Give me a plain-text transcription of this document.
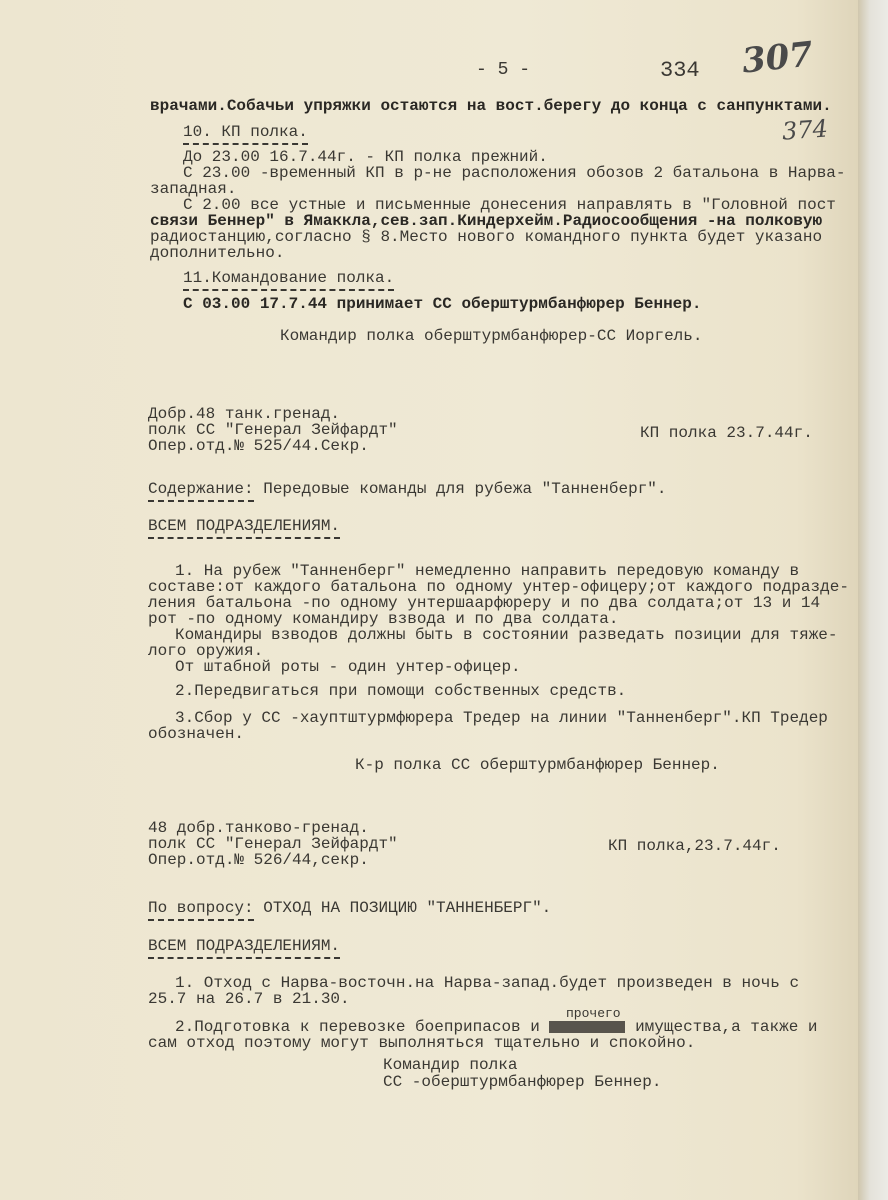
- 5 -	334 307
374
врачами.Собачьи упряжки остаются на вост.берегу до конца с санпунктами.
10. КП полка.
До 23.00 16.7.44г. - КП полка прежний.
С 23.00 -временный КП в р-не расположения обозов 2 батальона в Нарва-
западная.
С 2.00 все устные и письменные донесения направлять в "Головной пост
связи Беннер" в Ямаккла,сев.зап.Киндерхейм.Радиосообщения -на полковую
радиостанцию,согласно § 8.Место нового командного пункта будет указано
дополнительно.
11.Командование полка.
С 03.00 17.7.44 принимает СС оберштурмбанфюрер Беннер.
Командир полка оберштурмбанфюрер-СС Иоргель.
Добр.48 танк.гренад.
полк СС "Генерал Зейфардт"
Опер.отд.№ 525/44.Секр.
КП полка 23.7.44г.
Содержание: Передовые команды для рубежа "Танненберг".
ВСЕМ ПОДРАЗДЕЛЕНИЯМ.
1. На рубеж "Танненберг" немедленно направить передовую команду в
составе:от каждого батальона по одному унтер-офицеру;от каждого подразде-
ления батальона -по одному унтершаарфюреру и по два солдата;от 13 и 14
рот -по одному командиру взвода и по два солдата.
Командиры взводов должны быть в состоянии разведать позиции для тяже-
лого оружия.
От штабной роты - один унтер-офицер.
2.Передвигаться при помощи собственных средств.
3.Сбор у СС -хауптштурмфюрера Тредер на линии "Танненберг".КП Тредер
обозначен.
К-р полка СС оберштурмбанфюрер Беннер.
48 добр.танково-гренад.
полк СС "Генерал Зейфардт"
Опер.отд.№ 526/44,секр.
КП полка,23.7.44г.
По вопросу: ОТХОД НА ПОЗИЦИЮ "ТАННЕНБЕРГ".
ВСЕМ ПОДРАЗДЕЛЕНИЯМ.
1. Отход с Нарва-восточн.на Нарва-запад.будет произведен в ночь с
25.7 на 26.7 в 21.30.
прочего
2.Подготовка к перевозке боеприпасов и	имущества,а также и
сам отход поэтому могут выполняться тщательно и спокойно.
Командир полка
СС -оберштурмбанфюрер Беннер.
